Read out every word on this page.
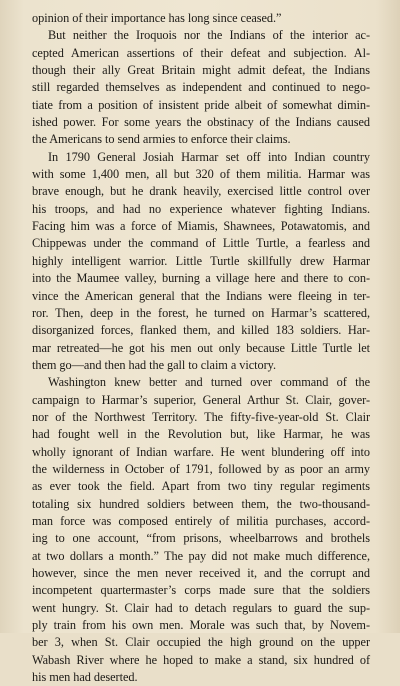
opinion of their importance has long since ceased.”

But neither the Iroquois nor the Indians of the interior ac-
cepted American assertions of their defeat and subjection. Al-
though their ally Great Britain might admit defeat, the Indians
still regarded themselves as independent and continued to nego-
tiate from a position of insistent pride albeit of somewhat dimin-
ished power. For some years the obstinacy of the Indians caused
the Americans to send armies to enforce their claims.

In 1790 General Josiah Harmar set off into Indian country
with some 1,400 men, all but 320 of them militia. Harmar was
brave enough, but he drank heavily, exercised little control over
his troops, and had no experience whatever fighting Indians.
Facing him was a force of Miamis, Shawnees, Potawatomis, and
Chippewas under the command of Little Turtle, a fearless and
highly intelligent warrior. Little Turtle skillfully drew Harmar
into the Maumee valley, burning a village here and there to con-
vince the American general that the Indians were fleeing in ter-
ror. Then, deep in the forest, he turned on Harmar’s scattered,
disorganized forces, flanked them, and killed 183 soldiers. Har-
mar retreated—he got his men out only because Little Turtle let
them go—and then had the gall to claim a victory.

Washington knew better and turned over command of the
campaign to Harmar’s superior, General Arthur St. Clair, gover-
nor of the Northwest Territory. The fifty-five-year-old St. Clair
had fought well in the Revolution but, like Harmar, he was
wholly ignorant of Indian warfare. He went blundering off into
the wilderness in October of 1791, followed by as poor an army
as ever took the field. Apart from two tiny regular regiments
totaling six hundred soldiers between them, the two-thousand-
man force was composed entirely of militia purchases, accord-
ing to one account, “from prisons, wheelbarrows and brothels
at two dollars a month.” The pay did not make much difference,
however, since the men never received it, and the corrupt and
incompetent quartermaster’s corps made sure that the soldiers
went hungry. St. Clair had to detach regulars to guard the sup-
ply train from his own men. Morale was such that, by Novem-
ber 3, when St. Clair occupied the high ground on the upper
Wabash River where he hoped to make a stand, six hundred of
his men had deserted.
